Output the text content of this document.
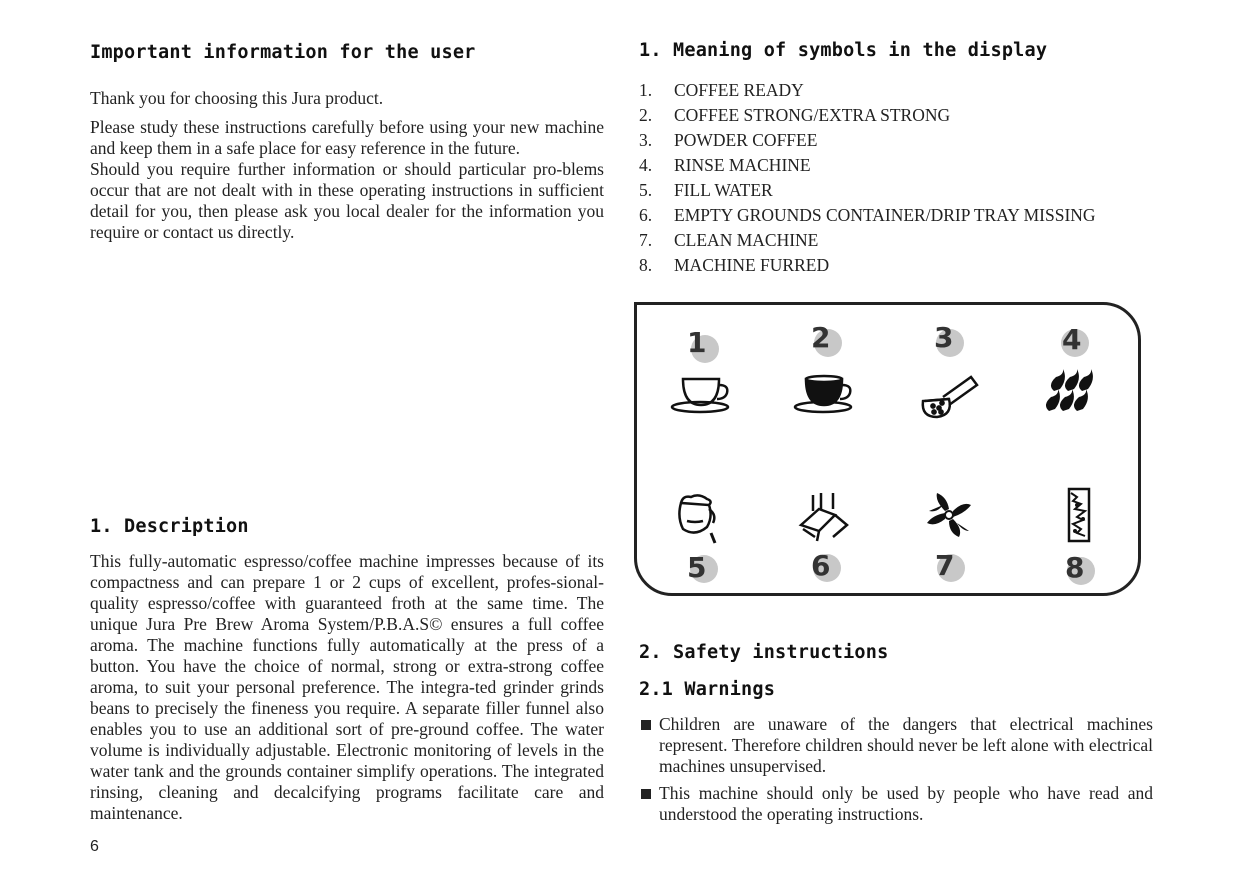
Important information for the user

Thank you for choosing this Jura product.

Please study these instructions carefully before using your new machine and keep them in a safe place for easy reference in the future.

Should you require further information or should particular pro-blems occur that are not dealt with in these operating instructions in sufficient detail for you, then please ask you local dealer for the information you require or contact us directly.

1. Description

This fully-automatic espresso/coffee machine impresses because of its compactness and can prepare 1 or 2 cups of excellent, profes-sional-quality espresso/coffee with guaranteed froth at the same time. The unique Jura Pre Brew Aroma System/P.B.A.S© ensures a full coffee aroma. The machine functions fully automatically at the press of a button. You have the choice of normal, strong or extra-strong coffee aroma, to suit your personal preference. The integra-ted grinder grinds beans to precisely the fineness you require. A separate filler funnel also enables you to use an additional sort of pre-ground coffee. The water volume is individually adjustable. Electronic monitoring of levels in the water tank and the grounds container simplify operations. The integrated rinsing, cleaning and decalcifying programs facilitate care and maintenance.

1. Meaning of symbols in the display
1.	COFFEE READY
2.	COFFEE STRONG/EXTRA STRONG
3.	POWDER COFFEE
4.	RINSE MACHINE
5.	FILL WATER
6.	EMPTY GROUNDS CONTAINER/DRIP TRAY MISSING
7.	CLEAN MACHINE
8.	MACHINE FURRED
1	2	3	4
5	6	7	8
2. Safety instructions
2.1 Warnings
Children are unaware of the dangers that electrical machines represent. Therefore children should never be left alone with electrical machines unsupervised.
This machine should only be used by people who have read and understood the operating instructions.
6
